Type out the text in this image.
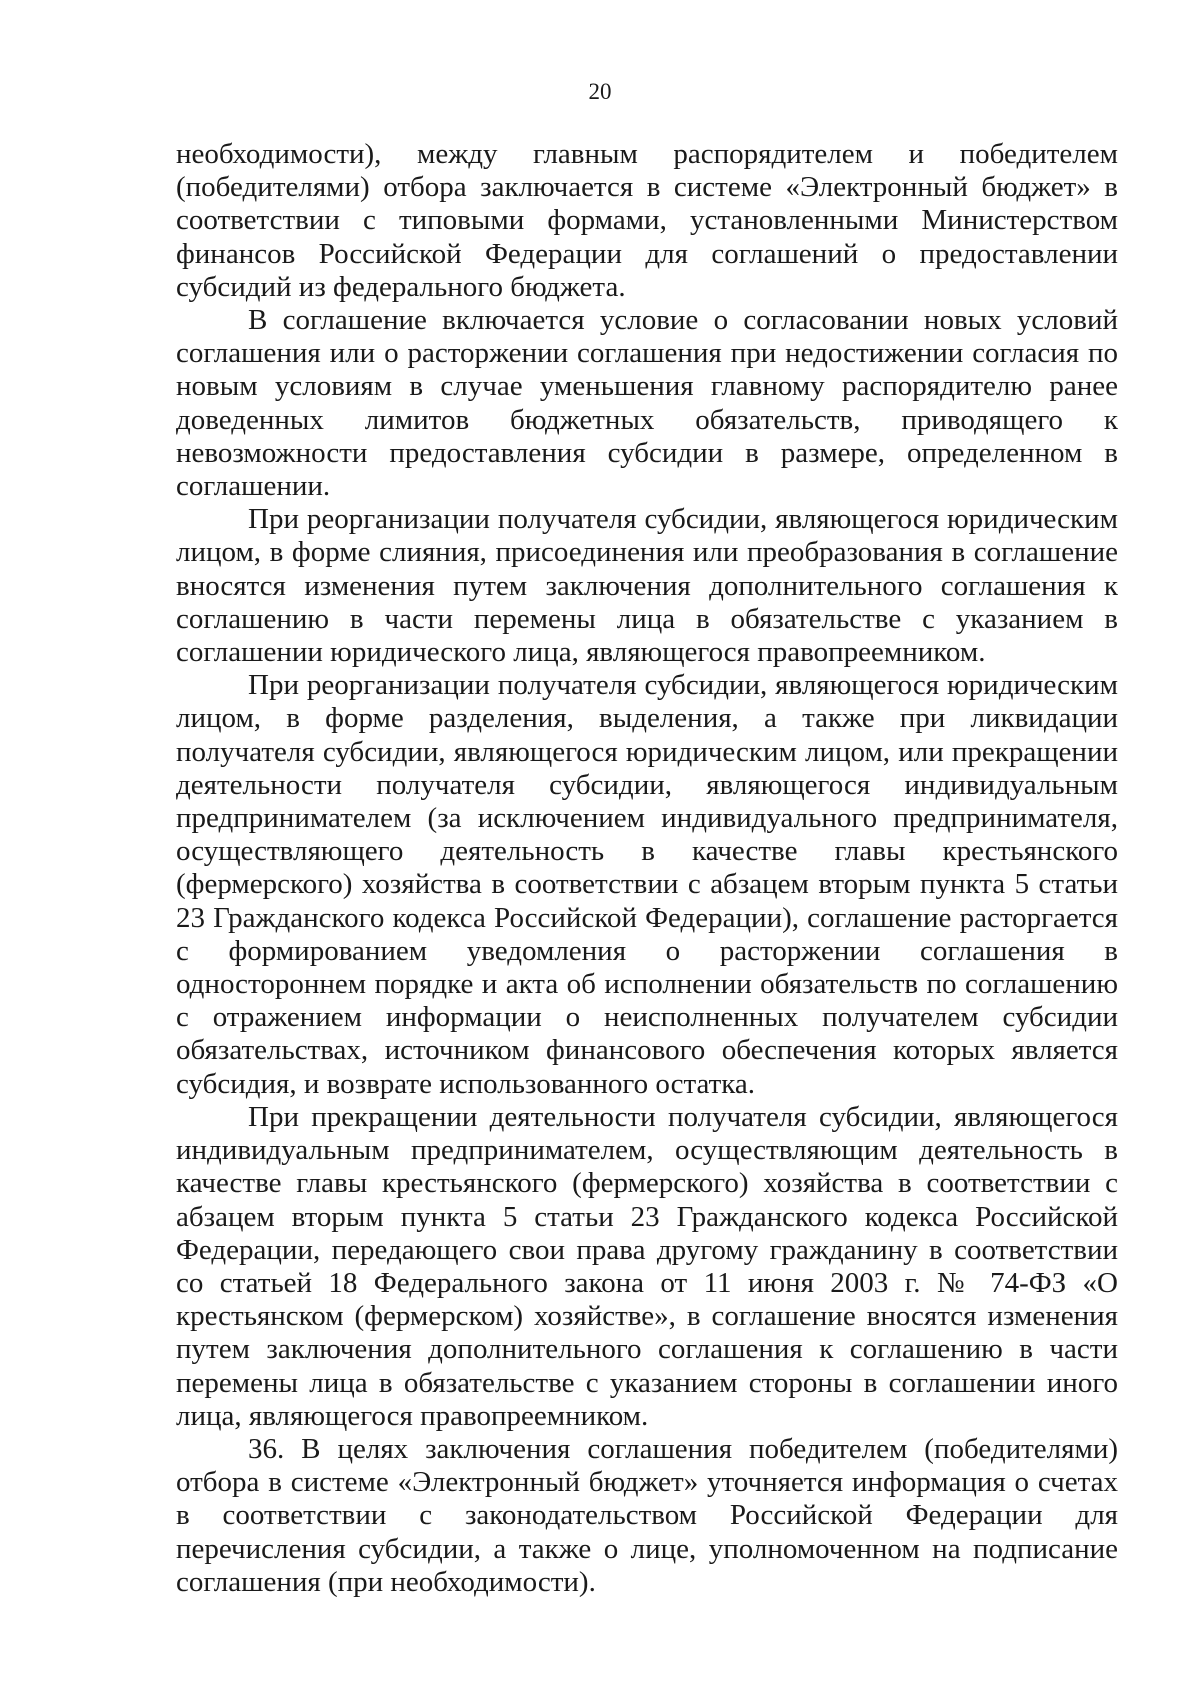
20

необходимости), между главным распорядителем и победителем (победителями) отбора заключается в системе «Электронный бюджет» в соответствии с типовыми формами, установленными Министерством финансов Российской Федерации для соглашений о предоставлении субсидий из федерального бюджета.

В соглашение включается условие о согласовании новых условий соглашения или о расторжении соглашения при недостижении согласия по новым условиям в случае уменьшения главному распорядителю ранее доведенных лимитов бюджетных обязательств, приводящего к невозможности предоставления субсидии в размере, определенном в соглашении.

При реорганизации получателя субсидии, являющегося юридическим лицом, в форме слияния, присоединения или преобразования в соглашение вносятся изменения путем заключения дополнительного соглашения к соглашению в части перемены лица в обязательстве с указанием в соглашении юридического лица, являющегося правопреемником.

При реорганизации получателя субсидии, являющегося юридическим лицом, в форме разделения, выделения, а также при ликвидации получателя субсидии, являющегося юридическим лицом, или прекращении деятельности получателя субсидии, являющегося индивидуальным предпринимателем (за исключением индивидуального предпринимателя, осуществляющего деятельность в качестве главы крестьянского (фермерского) хозяйства в соответствии с абзацем вторым пункта 5 статьи 23 Гражданского кодекса Российской Федерации), соглашение расторгается с формированием уведомления о расторжении соглашения в одностороннем порядке и акта об исполнении обязательств по соглашению с отражением информации о неисполненных получателем субсидии обязательствах, источником финансового обеспечения которых является субсидия, и возврате использованного остатка.

При прекращении деятельности получателя субсидии, являющегося индивидуальным предпринимателем, осуществляющим деятельность в качестве главы крестьянского (фермерского) хозяйства в соответствии с абзацем вторым пункта 5 статьи 23 Гражданского кодекса Российской Федерации, передающего свои права другому гражданину в соответствии со статьей 18 Федерального закона от 11 июня 2003 г. № 74-ФЗ «О крестьянском (фермерском) хозяйстве», в соглашение вносятся изменения путем заключения дополнительного соглашения к соглашению в части перемены лица в обязательстве с указанием стороны в соглашении иного лица, являющегося правопреемником.

36. В целях заключения соглашения победителем (победителями) отбора в системе «Электронный бюджет» уточняется информация о счетах в соответствии с законодательством Российской Федерации для перечисления субсидии, а также о лице, уполномоченном на подписание соглашения (при необходимости).
